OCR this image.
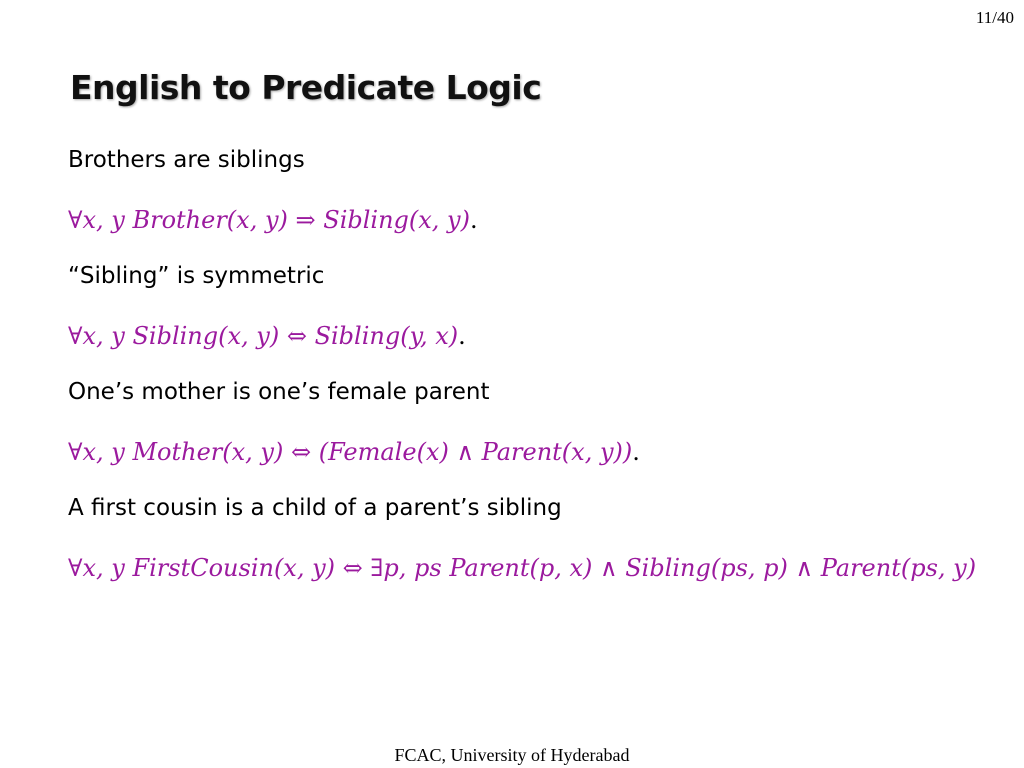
11/40
English to Predicate Logic

Brothers are siblings

∀x, y Brother(x, y) ⇒ Sibling(x, y).

“Sibling” is symmetric

∀x, y Sibling(x, y) ⇔ Sibling(y, x).

One’s mother is one’s female parent

∀x, y Mother(x, y) ⇔ (Female(x) ∧ Parent(x, y)).

A first cousin is a child of a parent’s sibling

∀x, y FirstCousin(x, y) ⇔ ∃p, ps Parent(p, x) ∧ Sibling(ps, p) ∧ Parent(ps, y)

FCAC, University of Hyderabad
